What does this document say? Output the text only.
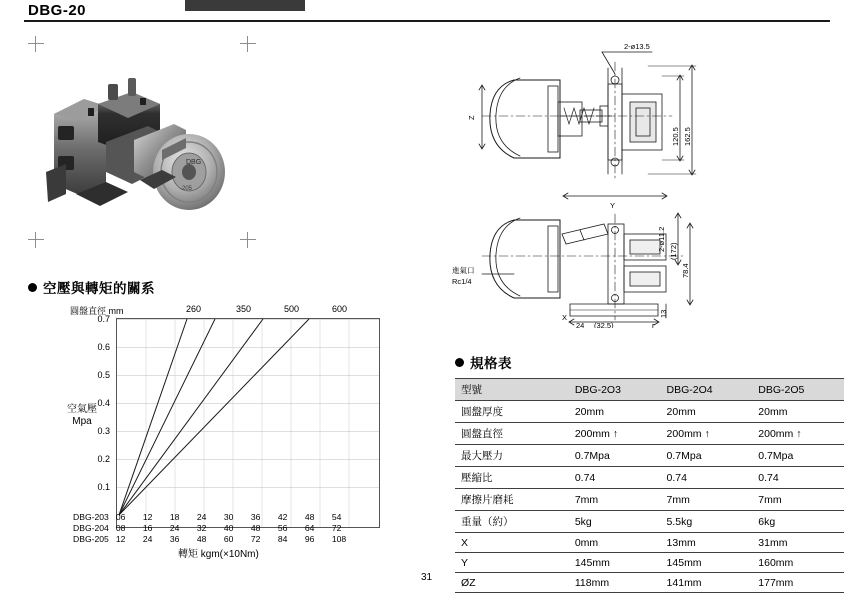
DBG-20
DBG
-205
2-ø13.5
120.5 162.5
Z
Y
進氣口
Rc1/4
2-ø11.2 (172)
78.4
13
X
24 (32.5)	r
空壓與轉矩的關系
圓盤直徑 mm	260	350	500	600
空氣壓
Mpa
0.7
0.6
0.5
0.4
0.3
0.2
0.1
DBG-203	06	12	18	24	30	36	42	48	54
DBG-204	08	16	24	32	40	48	56	64	72
DBG-205	12	24	36	48	60	72	84	96	108
轉矩 kgm(×10Nm)
規格表
型號	DBG-2O3	DBG-2O4	DBG-2O5
圓盤厚度	20mm	20mm	20mm
圓盤直徑	200mm ↑	200mm ↑	200mm ↑
最大壓力	0.7Mpa	0.7Mpa	0.7Mpa
壓縮比	0.74	0.74	0.74
摩擦片磨耗	7mm	7mm	7mm
重量（約）	5kg	5.5kg	6kg
X	0mm	13mm	31mm
Y	145mm	145mm	160mm
ØZ	118mm	141mm	177mm
31
